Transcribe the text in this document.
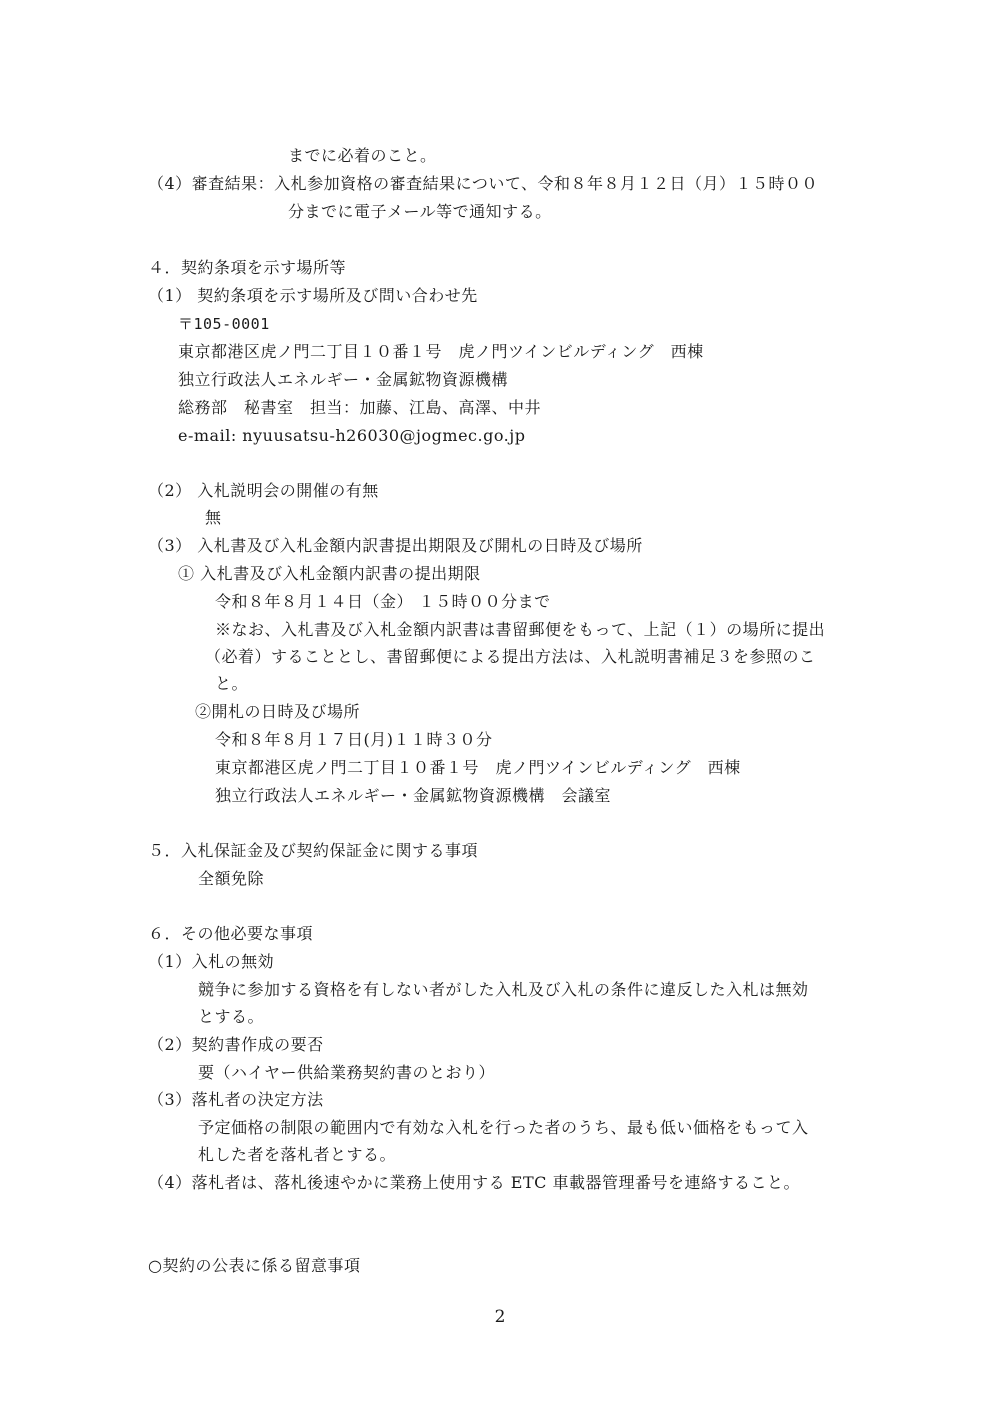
までに必着のこと。
（4）審査結果：入札参加資格の審査結果について、令和８年８月１２日（月）１５時００
分までに電子メール等で通知する。
４．契約条項を示す場所等
（1） 契約条項を示す場所及び問い合わせ先
〒105-0001
東京都港区虎ノ門二丁目１０番１号　虎ノ門ツインビルディング　西棟
独立行政法人エネルギー・金属鉱物資源機構
総務部　秘書室　担当：加藤、江島、高澤、中井
e-mail: nyuusatsu-h26030@jogmec.go.jp
（2） 入札説明会の開催の有無
無
（3） 入札書及び入札金額内訳書提出期限及び開札の日時及び場所
① 入札書及び入札金額内訳書の提出期限
令和８年８月１４日（金） １５時００分まで
※なお、入札書及び入札金額内訳書は書留郵便をもって、上記（１）の場所に提出
（必着）することとし、書留郵便による提出方法は、入札説明書補足３を参照のこ
と。
②開札の日時及び場所
令和８年８月１７日(月)１１時３０分
東京都港区虎ノ門二丁目１０番１号　虎ノ門ツインビルディング　西棟
独立行政法人エネルギー・金属鉱物資源機構　会議室
５．入札保証金及び契約保証金に関する事項
全額免除
６．その他必要な事項
（1）入札の無効
競争に参加する資格を有しない者がした入札及び入札の条件に違反した入札は無効
とする。
（2）契約書作成の要否
要（ハイヤー供給業務契約書のとおり）
（3）落札者の決定方法
予定価格の制限の範囲内で有効な入札を行った者のうち、最も低い価格をもって入
札した者を落札者とする。
（4）落札者は、落札後速やかに業務上使用する ETC 車載器管理番号を連絡すること。
○契約の公表に係る留意事項
2
